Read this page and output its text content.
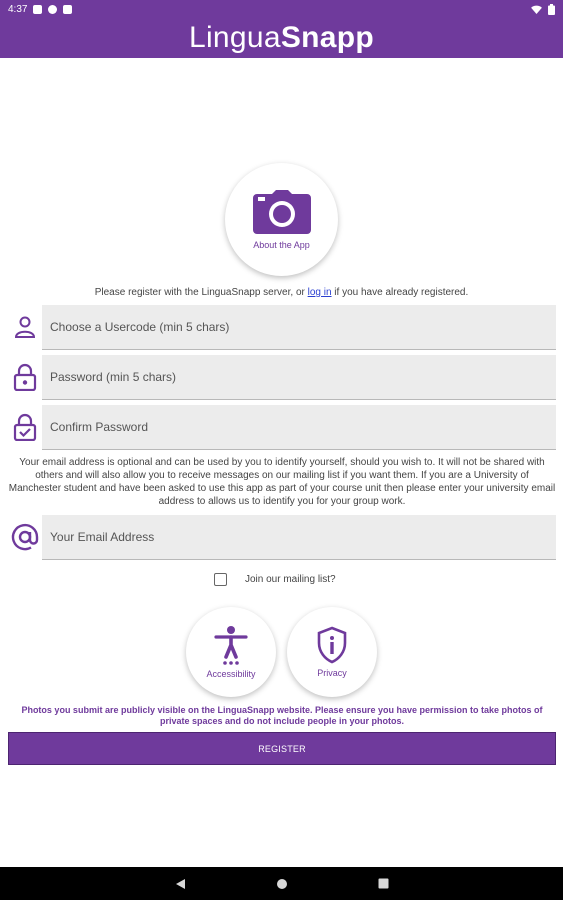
4:37
Lingua Snapp
About the App
Please register with the LinguaSnapp server, or log in if you have already registered.
Choose a Usercode (min 5 chars)
Your email address is optional and can be used by you to identify yourself, should you wish to. It will not be shared with others and will also allow you to receive messages on our mailing list if you want them. If you are a University of Manchester student and have been asked to use this app as part of your course unit then please enter your university email address to allows us to identify you for your group work.
Your Email Address
Join our mailing list?
Accessibility	Privacy
Photos you submit are publicly visible on the LinguaSnapp website. Please ensure you have permission to take photos of private spaces and do not include people in your photos.
REGISTER
